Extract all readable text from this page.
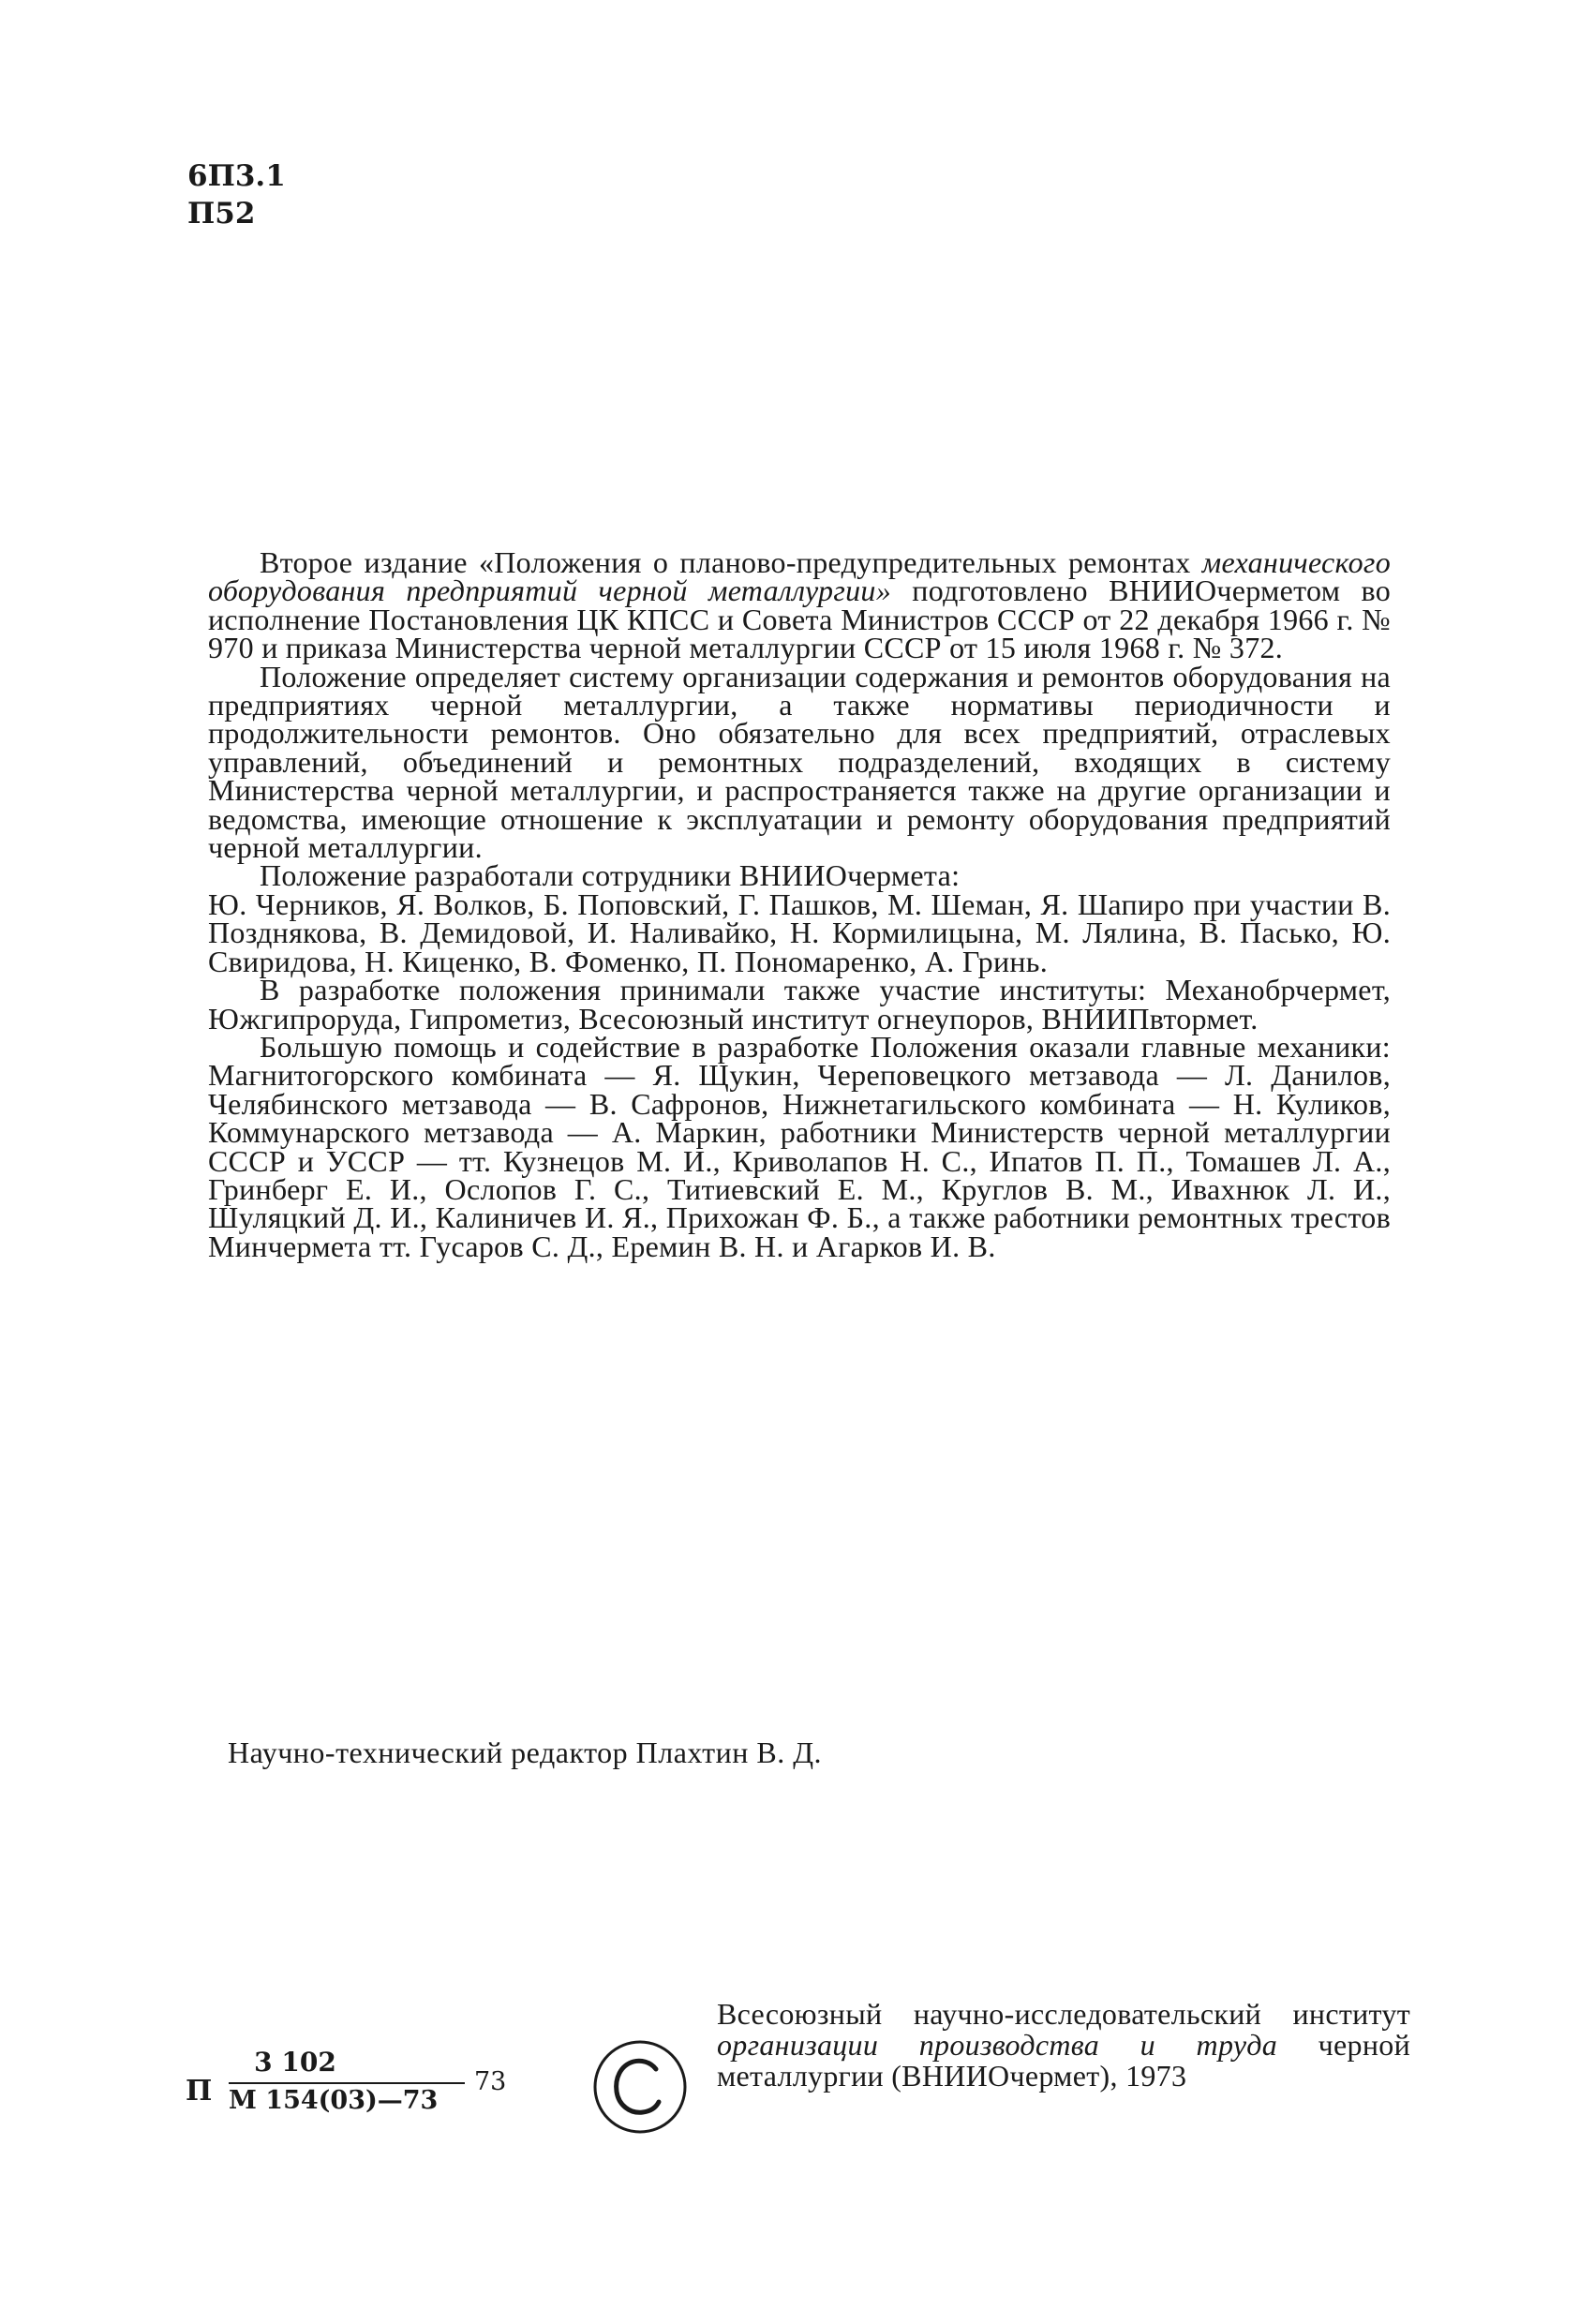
6П3.1
П52

Второе издание «Положения о планово-предупредительных ремонтах механического оборудования предприятий черной металлургии» подготовлено ВНИИОчерметом во исполнение Постановления ЦК КПСС и Совета Министров СССР от 22 декабря 1966 г. № 970 и приказа Министерства черной металлургии СССР от 15 июля 1968 г. № 372.

Положение определяет систему организации содержания и ремонтов оборудования на предприятиях черной металлургии, а также нормативы периодичности и продолжительности ремонтов. Оно обязательно для всех предприятий, отраслевых управлений, объединений и ремонтных подразделений, входящих в систему Министерства черной металлургии, и распространяется также на другие организации и ведомства, имеющие отношение к эксплуатации и ремонту оборудования предприятий черной металлургии.

Положение разработали сотрудники ВНИИОчермета:

Ю. Черников, Я. Волков, Б. Поповский, Г. Пашков, М. Шеман, Я. Шапиро при участии В. Позднякова, В. Демидовой, И. Наливайко, Н. Кормилицына, М. Лялина, В. Пасько, Ю. Свиридова, Н. Киценко, В. Фоменко, П. Пономаренко, А. Гринь.

В разработке положения принимали также участие институты: Механобрчермет, Южгипроруда, Гипрометиз, Всесоюзный институт огнеупоров, ВНИИПвтормет.

Большую помощь и содействие в разработке Положения оказали главные механики: Магнитогорского комбината — Я. Щукин, Череповецкого метзавода — Л. Данилов, Челябинского метзавода — В. Сафронов, Нижнетагильского комбината — Н. Куликов, Коммунарского метзавода — А. Маркин, работники Министерств черной металлургии СССР и УССР — тт. Кузнецов М. И., Криволапов Н. С., Ипатов П. П., Томашев Л. А., Гринберг Е. И., Ослопов Г. С., Титиевский Е. М., Круглов В. М., Ивахнюк Л. И., Шуляцкий Д. И., Калиничев И. Я., Прихожан Ф. Б., а также работники ремонтных трестов Минчермета тт. Гусаров С. Д., Еремин В. Н. и Агарков И. В.

Научно-технический редактор Плахтин В. Д.
П
3 102
М 154(03)—73
73
Всесоюзный научно-исследовательский институт организации производства и труда черной металлургии (ВНИИОчермет), 1973
